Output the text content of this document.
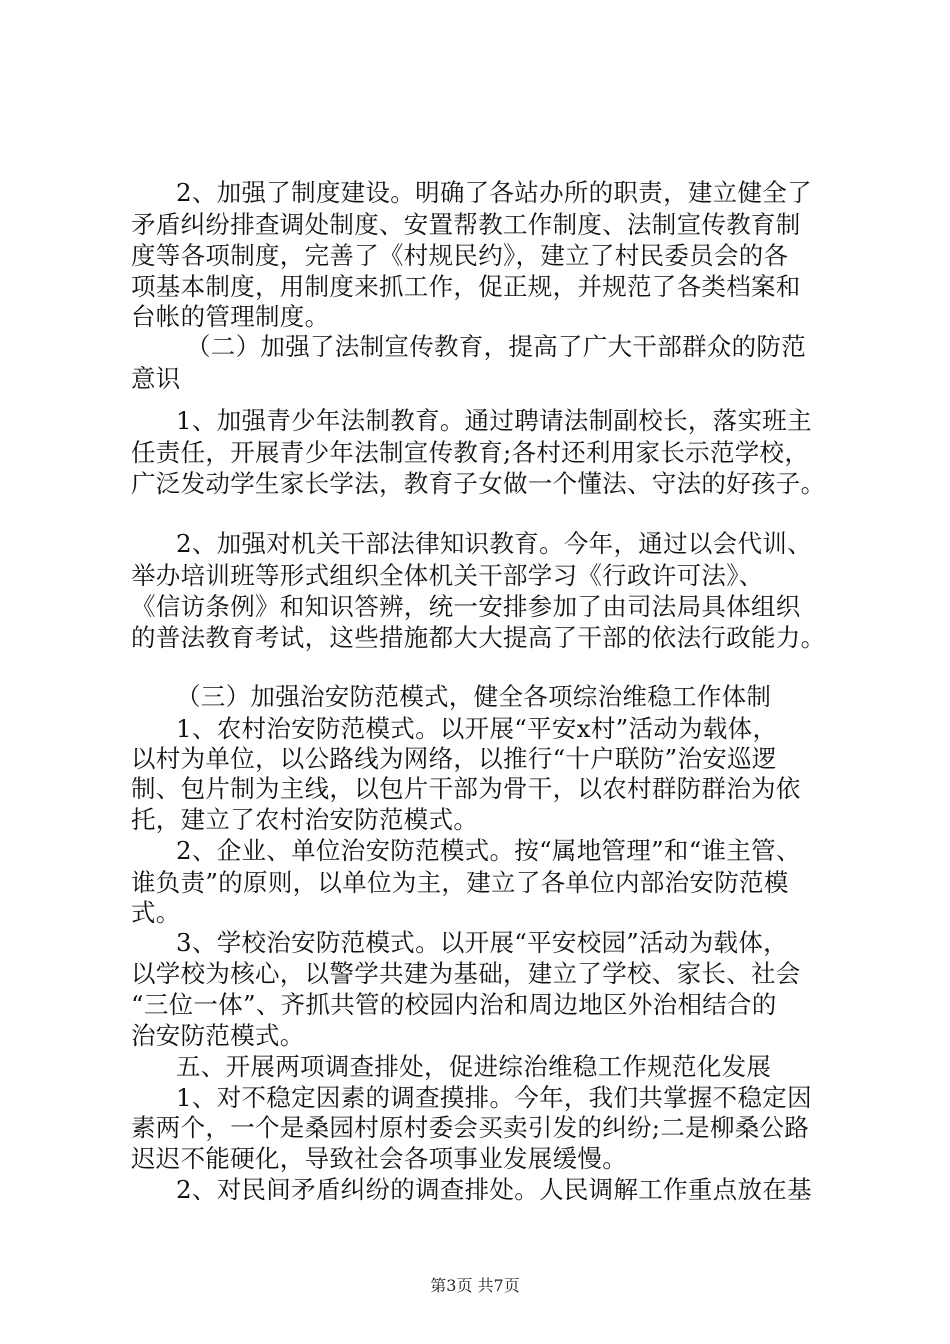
2、加强了制度建设。明确了各站办所的职责，建立健全了
矛盾纠纷排查调处制度、安置帮教工作制度、法制宣传教育制
度等各项制度，完善了《村规民约》，建立了村民委员会的各
项基本制度，用制度来抓工作，促正规，并规范了各类档案和
台帐的管理制度。
（二）加强了法制宣传教育，提高了广大干部群众的防范
意识
1、加强青少年法制教育。通过聘请法制副校长，落实班主
任责任，开展青少年法制宣传教育;各村还利用家长示范学校，
广泛发动学生家长学法，教育子女做一个懂法、守法的好孩子。
2、加强对机关干部法律知识教育。今年，通过以会代训、
举办培训班等形式组织全体机关干部学习《行政许可法》、
《信访条例》和知识答辨，统一安排参加了由司法局具体组织
的普法教育考试，这些措施都大大提高了干部的依法行政能力。
（三）加强治安防范模式，健全各项综治维稳工作体制
1、农村治安防范模式。以开展“平安x村”活动为载体，
以村为单位，以公路线为网络，以推行“十户联防”治安巡逻
制、包片制为主线，以包片干部为骨干，以农村群防群治为依
托，建立了农村治安防范模式。
2、企业、单位治安防范模式。按“属地管理”和“谁主管、
谁负责”的原则，以单位为主，建立了各单位内部治安防范模
式。
3、学校治安防范模式。以开展“平安校园”活动为载体，
以学校为核心，以警学共建为基础，建立了学校、家长、社会
“三位一体”、齐抓共管的校园内治和周边地区外治相结合的
治安防范模式。
五、开展两项调查排处，促进综治维稳工作规范化发展
1、对不稳定因素的调查摸排。今年，我们共掌握不稳定因
素两个，一个是桑园村原村委会买卖引发的纠纷;二是柳桑公路
迟迟不能硬化，导致社会各项事业发展缓慢。
2、对民间矛盾纠纷的调查排处。人民调解工作重点放在基
第3页 共7页
